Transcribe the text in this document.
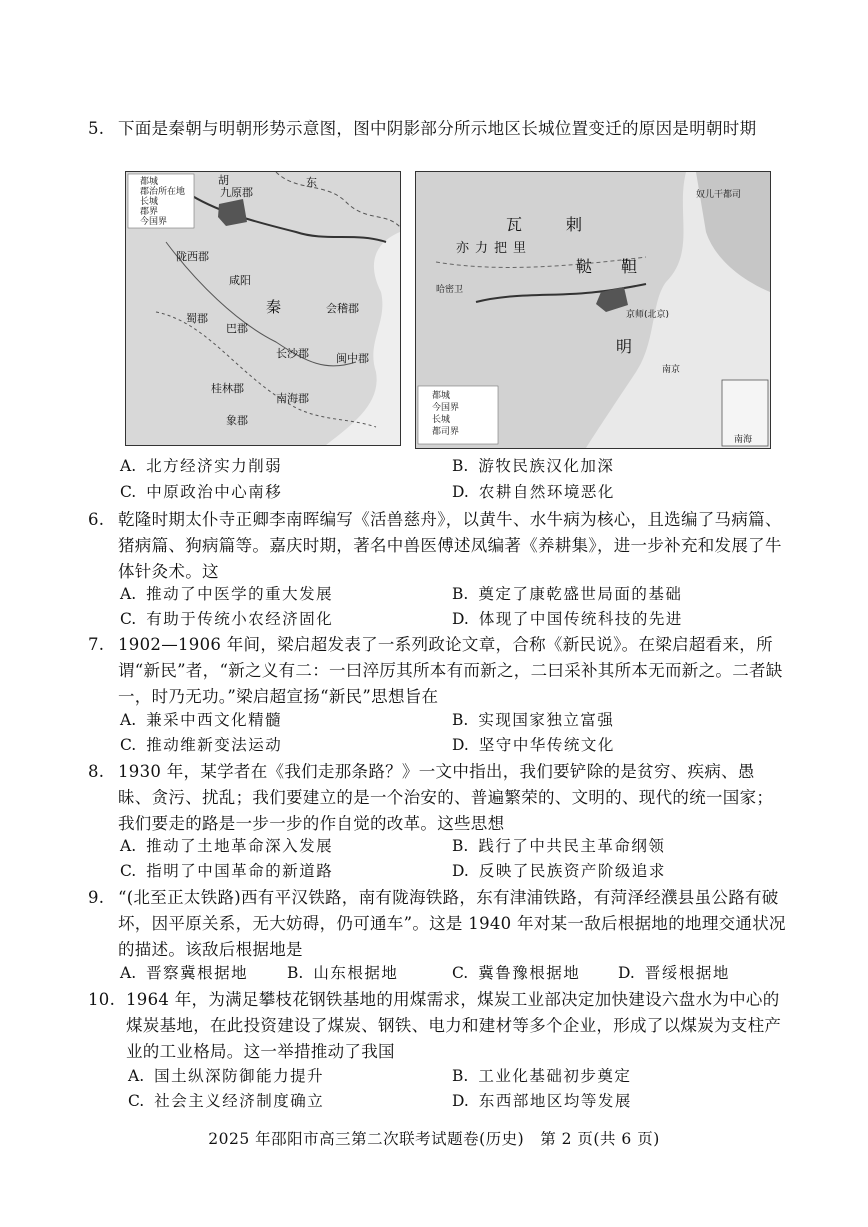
5. 下面是秦朝与明朝形势示意图，图中阴影部分所示地区长城位置变迁的原因是明朝时期
都城
郡治所在地
长城
郡界
今国界
东
胡
咸阳
秦
象郡
南海郡
闽中郡
桂林郡
会稽郡
陇西郡
蜀郡
巴郡
长沙郡
九原郡
南海
都城
今国界
长城
都司界
瓦	剌
鞑 靼
亦力把里
明
京师(北京)
南京
奴儿干都司
哈密卫
A. 北方经济实力削弱	B. 游牧民族汉化加深
C. 中原政治中心南移	D. 农耕自然环境恶化
6. 乾隆时期太仆寺正卿李南晖编写《活兽慈舟》，以黄牛、水牛病为核心，且选编了马病篇、猪病篇、狗病篇等。嘉庆时期，著名中兽医傅述凤编著《养耕集》，进一步补充和发展了牛体针灸术。这
A. 推动了中医学的重大发展	B. 奠定了康乾盛世局面的基础
C. 有助于传统小农经济固化	D. 体现了中国传统科技的先进
7. 1902—1906 年间，梁启超发表了一系列政论文章，合称《新民说》。在梁启超看来，所谓“新民”者，“新之义有二：一曰淬厉其所本有而新之，二曰采补其所本无而新之。二者缺一，时乃无功。”梁启超宣扬“新民”思想旨在
A. 兼采中西文化精髓	B. 实现国家独立富强
C. 推动维新变法运动	D. 坚守中华传统文化
8. 1930 年，某学者在《我们走那条路？》一文中指出，我们要铲除的是贫穷、疾病、愚昧、贪污、扰乱；我们要建立的是一个治安的、普遍繁荣的、文明的、现代的统一国家；我们要走的路是一步一步的作自觉的改革。这些思想
A. 推动了土地革命深入发展	B. 践行了中共民主革命纲领
C. 指明了中国革命的新道路	D. 反映了民族资产阶级追求
9. “(北至正太铁路)西有平汉铁路，南有陇海铁路，东有津浦铁路，有菏泽经濮县虽公路有破坏，因平原关系，无大妨碍，仍可通车”。这是 1940 年对某一敌后根据地的地理交通状况的描述。该敌后根据地是
A. 晋察冀根据地	B. 山东根据地	C. 冀鲁豫根据地 D. 晋绥根据地
10. 1964 年，为满足攀枝花钢铁基地的用煤需求，煤炭工业部决定加快建设六盘水为中心的煤炭基地，在此投资建设了煤炭、钢铁、电力和建材等多个企业，形成了以煤炭为支柱产业的工业格局。这一举措推动了我国
A. 国土纵深防御能力提升	B. 工业化基础初步奠定
C. 社会主义经济制度确立	D. 东西部地区均等发展
2025 年邵阳市高三第二次联考试题卷(历史)　第 2 页(共 6 页)
